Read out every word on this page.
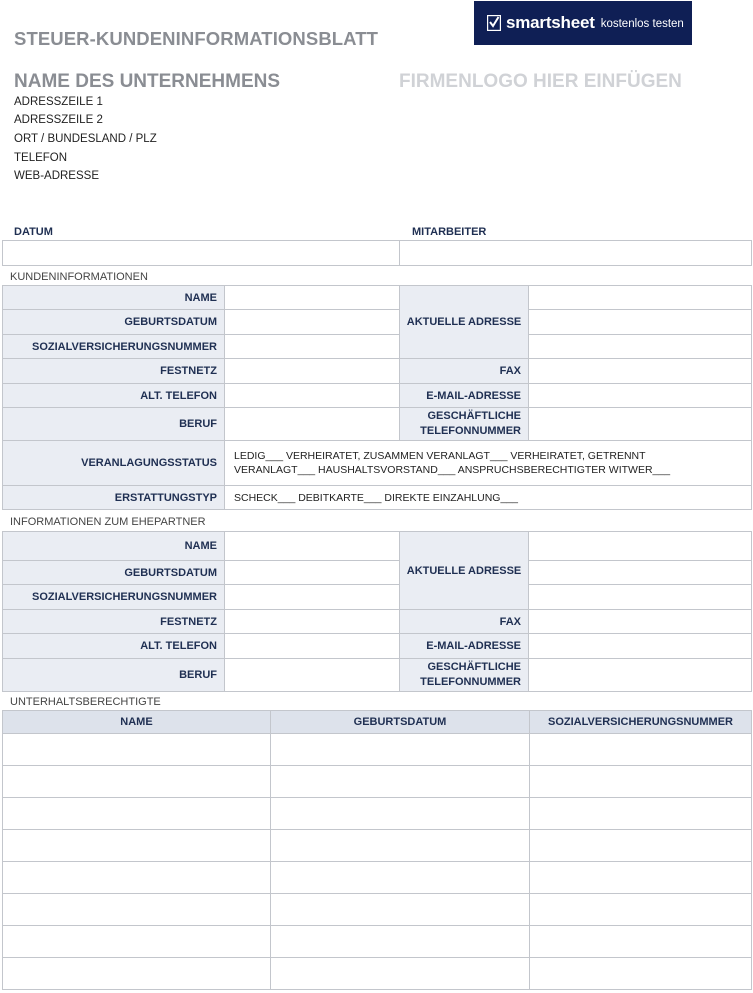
STEUER-KUNDENINFORMATIONSBLATT
smartsheet kostenlos testen
NAME DES UNTERNEHMENS	FIRMENLOGO HIER EINFÜGEN
ADRESSZEILE 1
ADRESSZEILE 2
ORT / BUNDESLAND / PLZ
TELEFON
WEB-ADRESSE
DATUM	MITARBEITER

KUNDENINFORMATIONEN
NAME		AKTUELLE ADRESSE	
GEBURTSDATUM			
SOZIALVERSICHERUNGSNUMMER			
FESTNETZ		FAX	
ALT. TELEFON		E-MAIL-ADRESSE	
BERUF		GESCHÄFTLICHE
TELEFONNUMMER	
VERANLAGUNGSSTATUS	LEDIG___ VERHEIRATET, ZUSAMMEN VERANLAGT___ VERHEIRATET, GETRENNT
VERANLAGT___ HAUSHALTSVORSTAND___ ANSPRUCHSBERECHTIGTER WITWER___		
ERSTATTUNGSTYP	SCHECK___ DEBITKARTE___ DIREKTE EINZAHLUNG___		
INFORMATIONEN ZUM EHEPARTNER
NAME		AKTUELLE ADRESSE	
GEBURTSDATUM			
SOZIALVERSICHERUNGSNUMMER			
FESTNETZ		FAX	
ALT. TELEFON		E-MAIL-ADRESSE	
BERUF		GESCHÄFTLICHE
TELEFONNUMMER	
UNTERHALTSBERECHTIGTE
NAME	GEBURTSDATUM	SOZIALVERSICHERUNGSNUMMER
